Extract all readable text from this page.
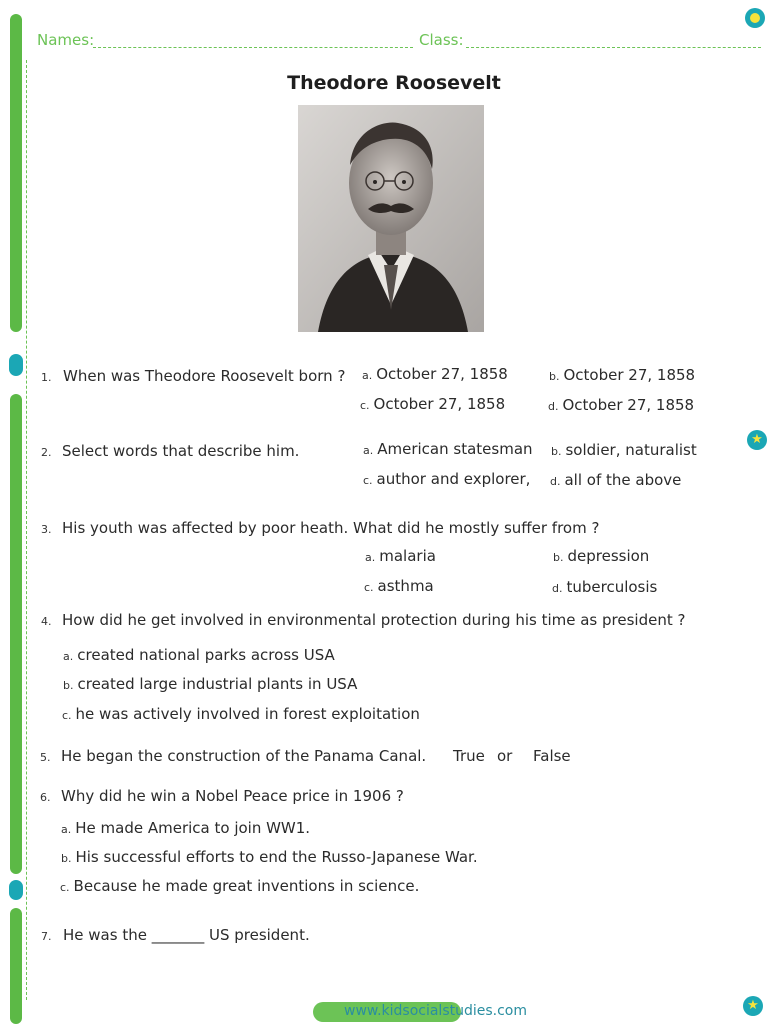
Names:	Class:
★
★
Theodore Roosevelt
1. When was Theodore Roosevelt born ? a. October 27, 1858	b. October 27, 1858
c. October 27, 1858	d. October 27, 1858
2. Select words that describe him.	a. American statesman b. soldier, naturalist
c. author and explorer, d. all of the above
3. His youth was affected by poor heath. What did he mostly suffer from ?
a. malaria	b. depression
c. asthma	d. tuberculosis
4. How did he get involved in environmental protection during his time as president ?
a. created national parks across USA
b. created large industrial plants in USA
c. he was actively involved in forest exploitation
5. He began the construction of the Panama Canal. True or False
6. Why did he win a Nobel Peace price in 1906 ?
a. He made America to join WW1.
b. His successful efforts to end the Russo-Japanese War.
c. Because he made great inventions in science.
7. He was the _______ US president.
www.kidsocialstudies.com
